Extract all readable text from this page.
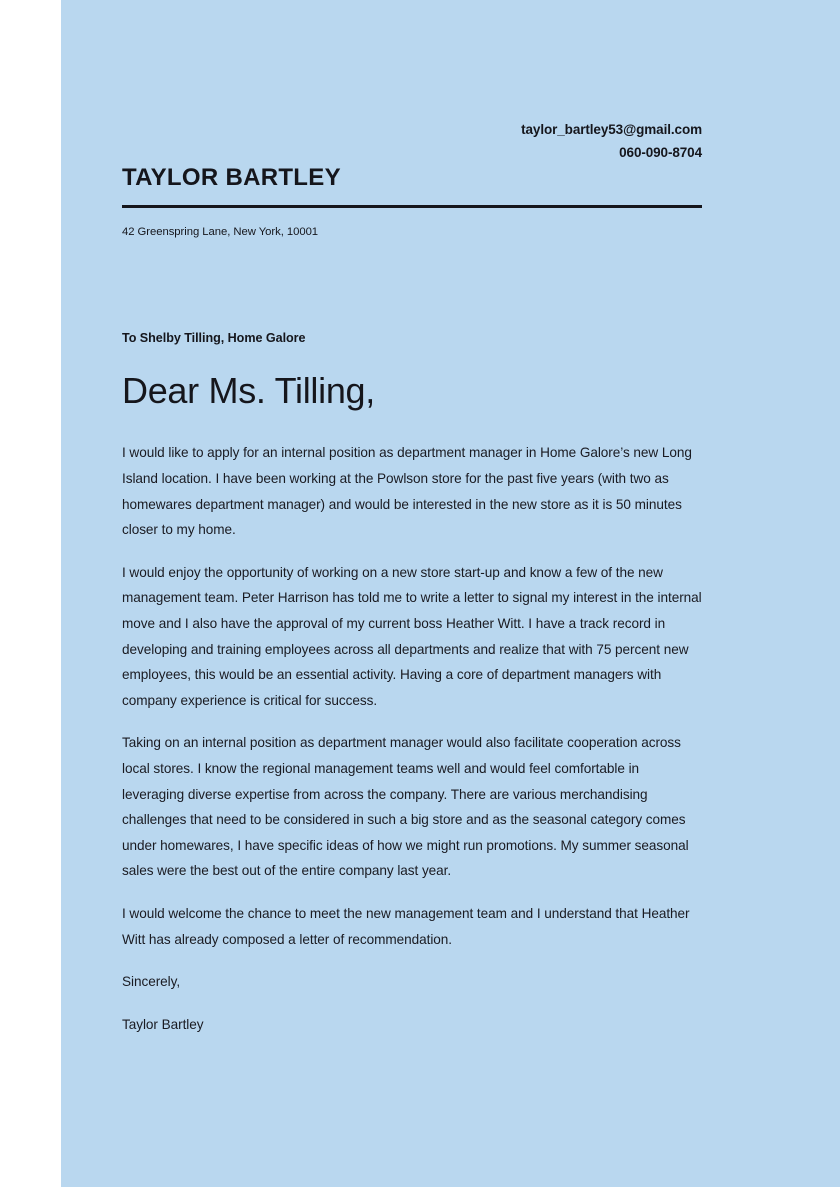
taylor_bartley53@gmail.com
060-090-8704
TAYLOR BARTLEY
42 Greenspring Lane, New York, 10001
To Shelby Tilling, Home Galore
Dear Ms. Tilling,

I would like to apply for an internal position as department manager in Home Galore’s new Long Island location. I have been working at the Powlson store for the past five years (with two as homewares department manager) and would be interested in the new store as it is 50 minutes closer to my home.

I would enjoy the opportunity of working on a new store start-up and know a few of the new management team. Peter Harrison has told me to write a letter to signal my interest in the internal move and I also have the approval of my current boss Heather Witt. I have a track record in developing and training employees across all departments and realize that with 75 percent new employees, this would be an essential activity. Having a core of department managers with company experience is critical for success.

Taking on an internal position as department manager would also facilitate cooperation across local stores. I know the regional management teams well and would feel comfortable in leveraging diverse expertise from across the company. There are various merchandising challenges that need to be considered in such a big store and as the seasonal category comes under homewares, I have specific ideas of how we might run promotions. My summer seasonal sales were the best out of the entire company last year.

I would welcome the chance to meet the new management team and I understand that Heather Witt has already composed a letter of recommendation.

Sincerely,

Taylor Bartley
